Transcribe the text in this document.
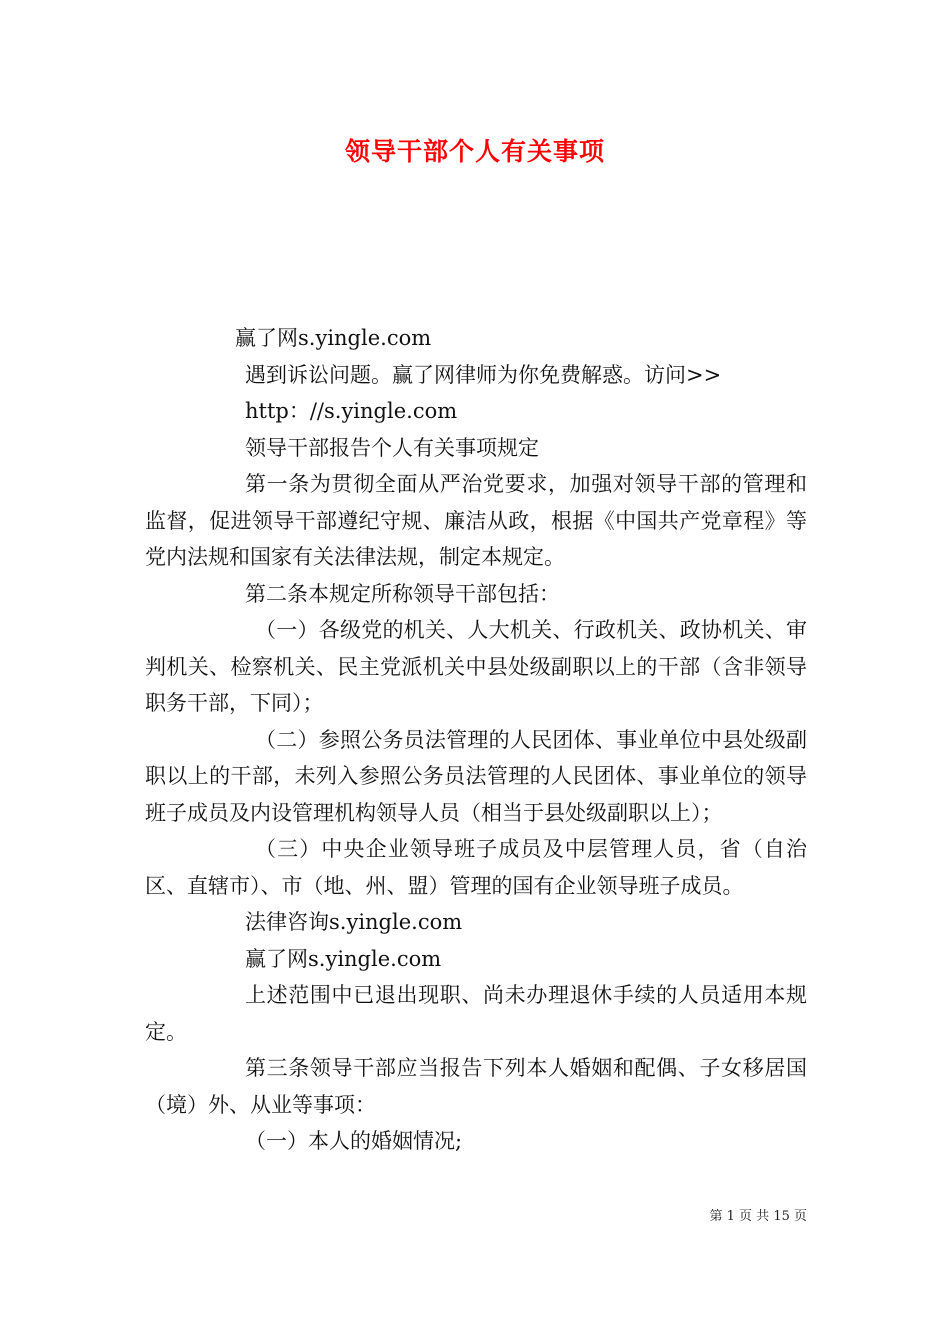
领导干部个人有关事项

赢了网s.yingle.com

遇到诉讼问题。赢了网律师为你免费解惑。访问>>

http：//s.yingle.com

领导干部报告个人有关事项规定

第一条为贯彻全面从严治党要求，加强对领导干部的管理和监督，促进领导干部遵纪守规、廉洁从政，根据《中国共产党章程》等党内法规和国家有关法律法规，制定本规定。

第二条本规定所称领导干部包括：

（一）各级党的机关、人大机关、行政机关、政协机关、审判机关、检察机关、民主党派机关中县处级副职以上的干部（含非领导职务干部，下同）；

（二）参照公务员法管理的人民团体、事业单位中县处级副职以上的干部，未列入参照公务员法管理的人民团体、事业单位的领导班子成员及内设管理机构领导人员（相当于县处级副职以上）；

（三）中央企业领导班子成员及中层管理人员，省（自治区、直辖市）、市（地、州、盟）管理的国有企业领导班子成员。

法律咨询s.yingle.com

赢了网s.yingle.com

上述范围中已退出现职、尚未办理退休手续的人员适用本规定。

第三条领导干部应当报告下列本人婚姻和配偶、子女移居国（境）外、从业等事项：

（一）本人的婚姻情况;

第 1 页 共 15 页
